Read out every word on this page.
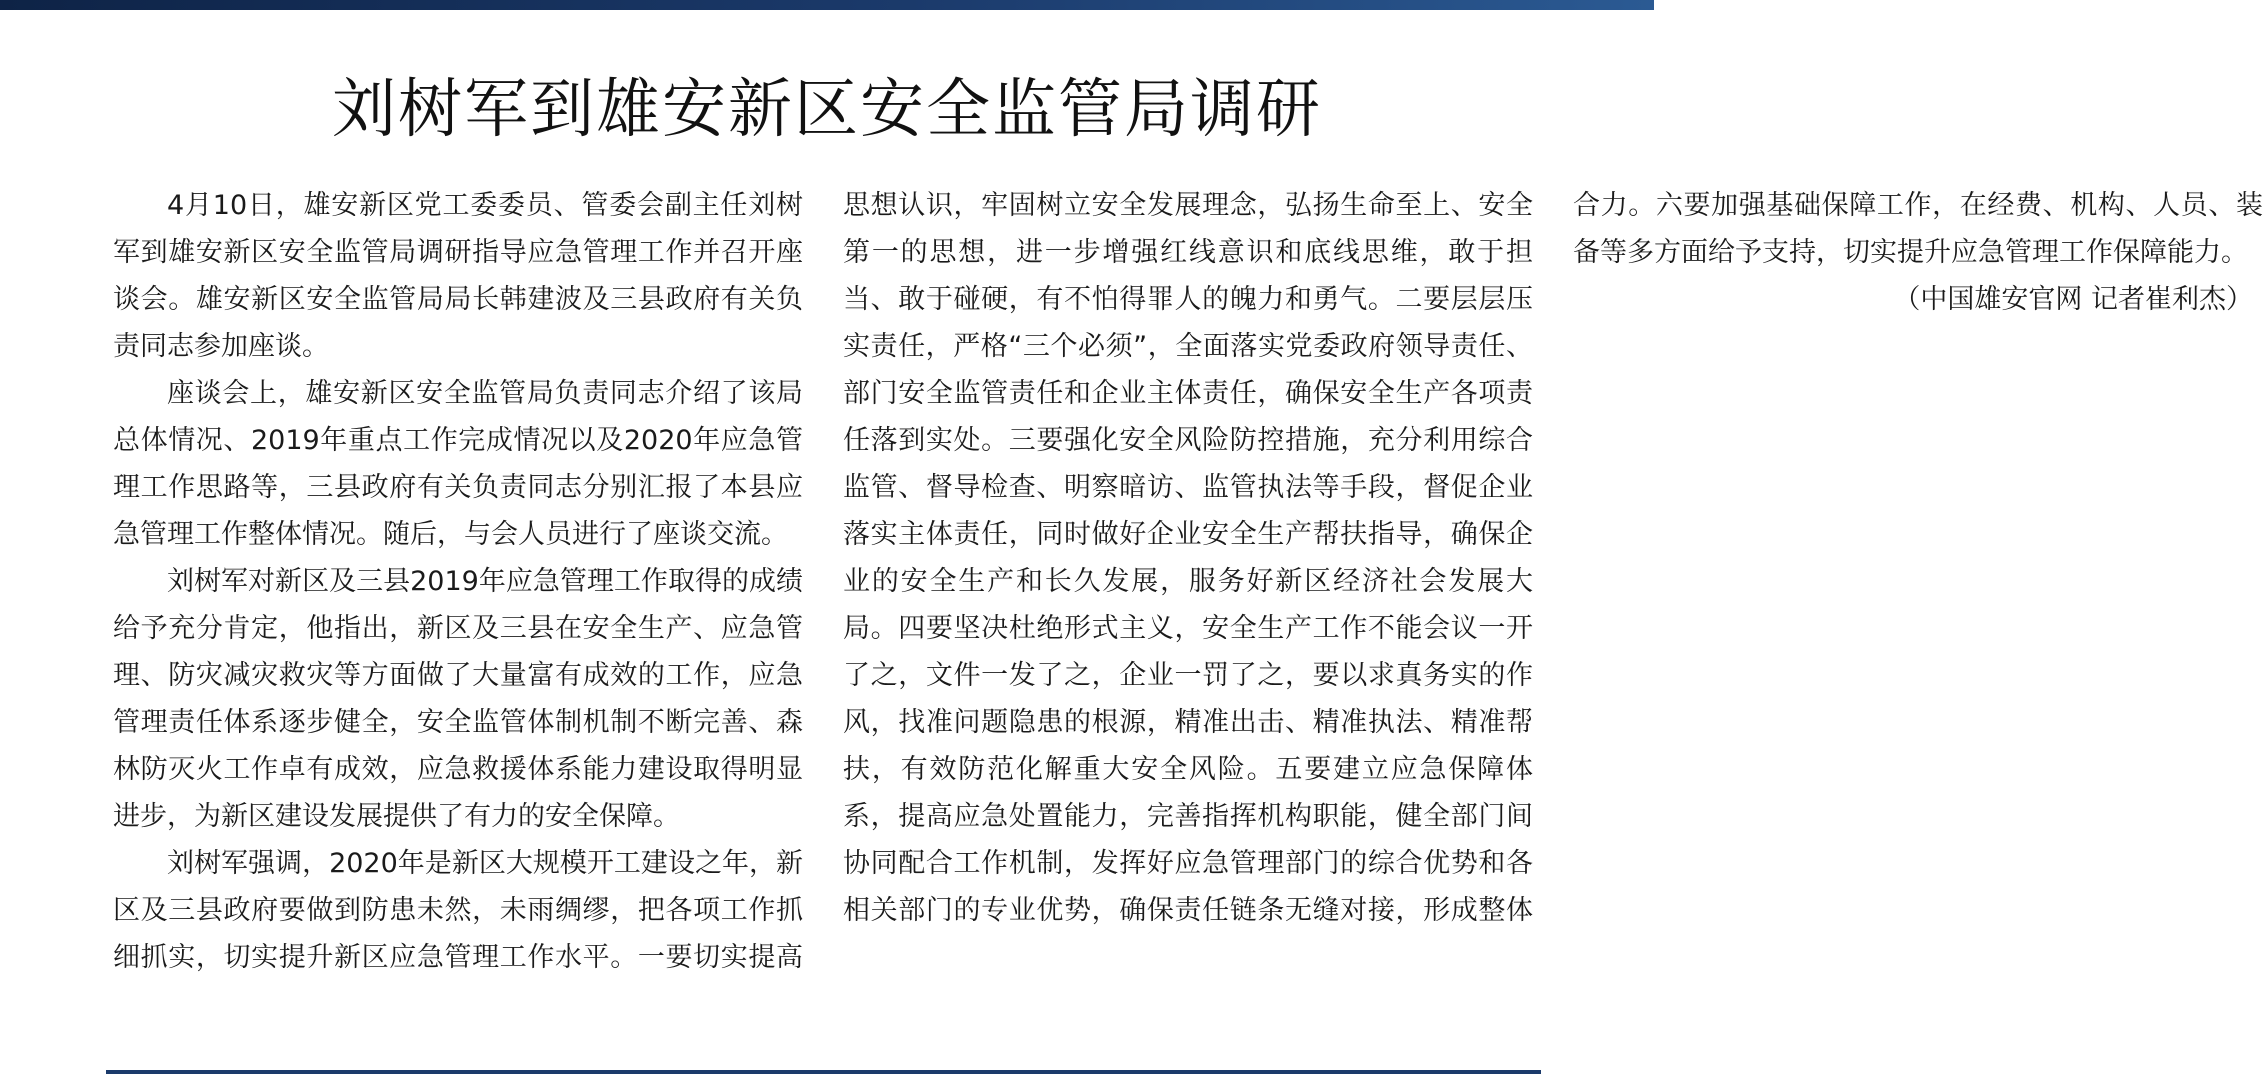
刘树军到雄安新区安全监管局调研

4月10日，雄安新区党工委委员、管委会副主任刘树军到雄安新区安全监管局调研指导应急管理工作并召开座谈会。雄安新区安全监管局局长韩建波及三县政府有关负责同志参加座谈。

座谈会上，雄安新区安全监管局负责同志介绍了该局总体情况、2019年重点工作完成情况以及2020年应急管理工作思路等，三县政府有关负责同志分别汇报了本县应急管理工作整体情况。随后，与会人员进行了座谈交流。

刘树军对新区及三县2019年应急管理工作取得的成绩给予充分肯定，他指出，新区及三县在安全生产、应急管理、防灾减灾救灾等方面做了大量富有成效的工作，应急管理责任体系逐步健全，安全监管体制机制不断完善、森林防灭火工作卓有成效，应急救援体系能力建设取得明显进步，为新区建设发展提供了有力的安全保障。

刘树军强调，2020年是新区大规模开工建设之年，新区及三县政府要做到防患未然，未雨绸缪，把各项工作抓细抓实，切实提升新区应急管理工作水平。一要切实提高思想认识，牢固树立安全发展理念，弘扬生命至上、安全第一的思想，进一步增强红线意识和底线思维，敢于担当、敢于碰硬，有不怕得罪人的魄力和勇气。二要层层压实责任，严格“三个必须”，全面落实党委政府领导责任、部门安全监管责任和企业主体责任，确保安全生产各项责任落到实处。三要强化安全风险防控措施，充分利用综合监管、督导检查、明察暗访、监管执法等手段，督促企业落实主体责任，同时做好企业安全生产帮扶指导，确保企业的安全生产和长久发展，服务好新区经济社会发展大局。四要坚决杜绝形式主义，安全生产工作不能会议一开了之，文件一发了之，企业一罚了之，要以求真务实的作风，找准问题隐患的根源，精准出击、精准执法、精准帮扶，有效防范化解重大安全风险。五要建立应急保障体系，提高应急处置能力，完善指挥机构职能，健全部门间协同配合工作机制，发挥好应急管理部门的综合优势和各相关部门的专业优势，确保责任链条无缝对接，形成整体合力。六要加强基础保障工作，在经费、机构、人员、装备等多方面给予支持，切实提升应急管理工作保障能力。

（中国雄安官网 记者崔利杰）
